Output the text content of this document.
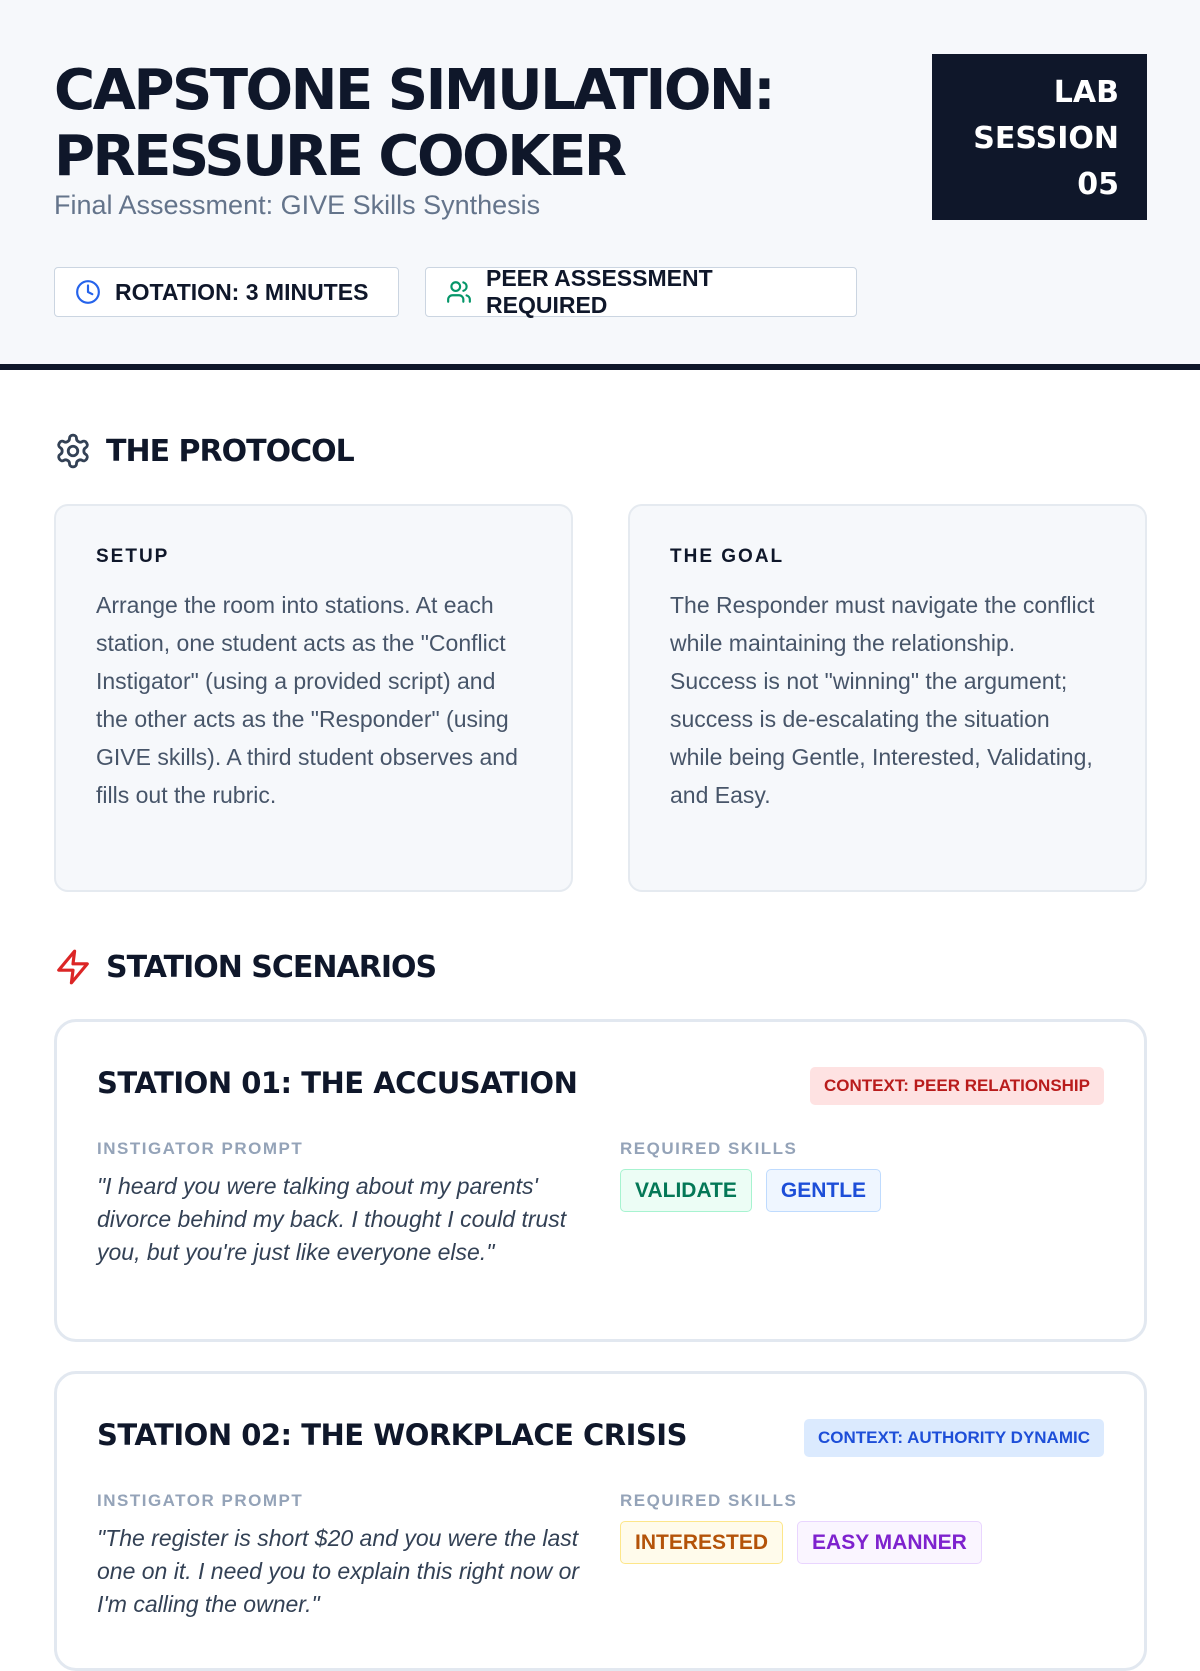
CAPSTONE SIMULATION: PRESSURE COOKER
Final Assessment: GIVE Skills Synthesis
LAB
SESSION
05
ROTATION: 3 MINUTES
PEER ASSESSMENT REQUIRED
THE PROTOCOL
SETUP

Arrange the room into stations. At each station, one student acts as the "Conflict Instigator" (using a provided script) and the other acts as the "Responder" (using GIVE skills). A third student observes and fills out the rubric.

THE GOAL

The Responder must navigate the conflict while maintaining the relationship. Success is not "winning" the argument; success is de-escalating the situation while being Gentle, Interested, Validating, and Easy.

STATION SCENARIOS
STATION 01: THE ACCUSATION	CONTEXT: PEER RELATIONSHIP
INSTIGATOR PROMPT
"I heard you were talking about my parents' divorce behind my back. I thought I could trust you, but you're just like everyone else."
REQUIRED SKILLS
VALIDATE	GENTLE
STATION 02: THE WORKPLACE CRISIS	CONTEXT: AUTHORITY DYNAMIC
INSTIGATOR PROMPT
"The register is short $20 and you were the last one on it. I need you to explain this right now or I'm calling the owner."
REQUIRED SKILLS
INTERESTED	EASY MANNER
